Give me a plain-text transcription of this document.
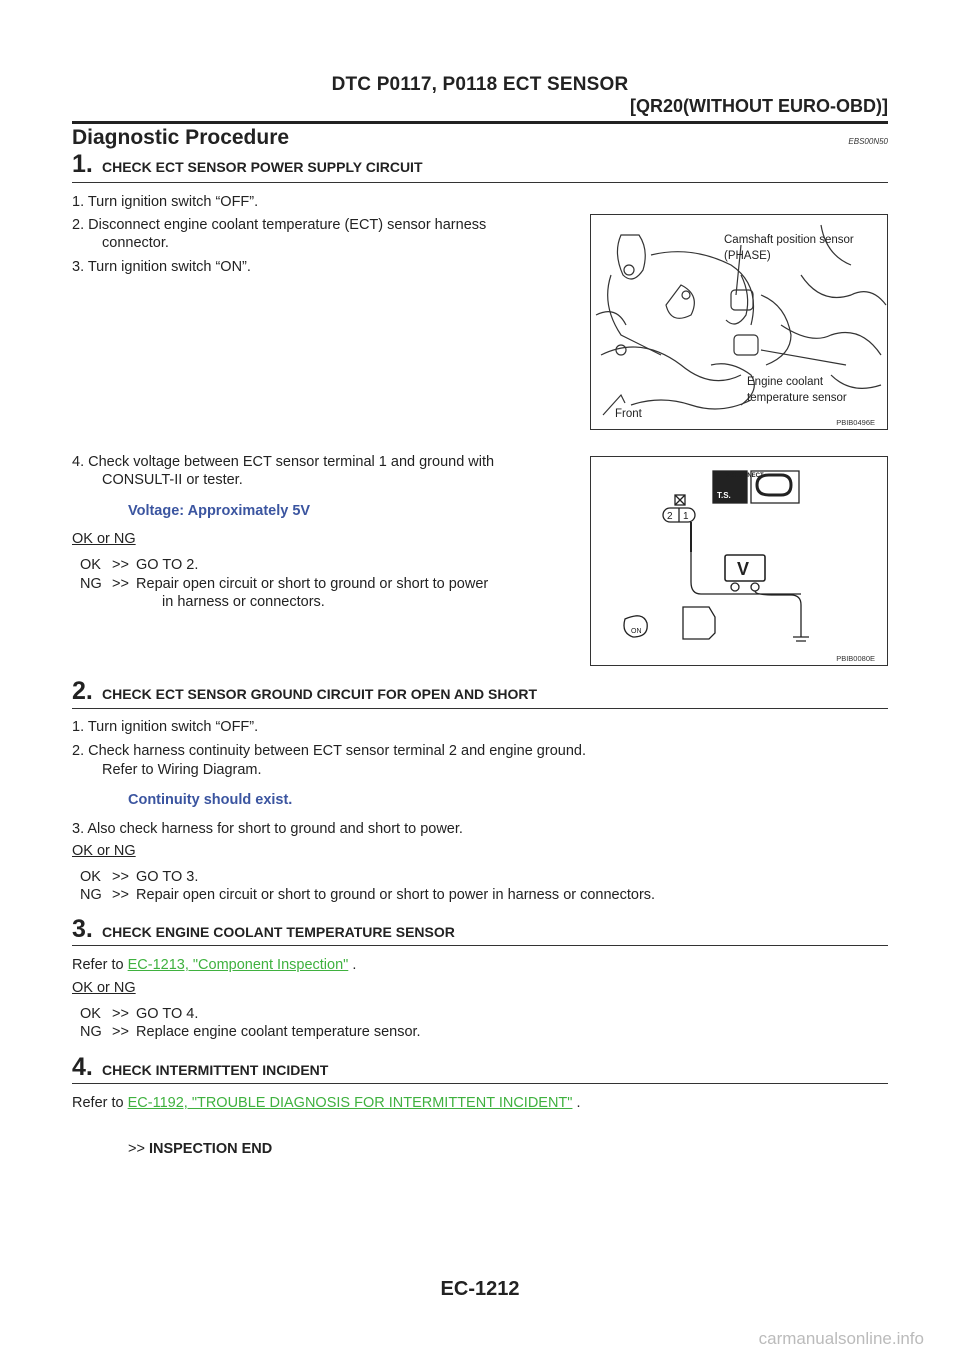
DTC P0117, P0118 ECT SENSOR
[QR20(WITHOUT EURO-OBD)]
Diagnostic Procedure	EBS00N50
1. CHECK ECT SENSOR POWER SUPPLY CIRCUIT
1. Turn ignition switch “OFF”.
2. Disconnect engine coolant temperature (ECT) sensor harness
connector.
3. Turn ignition switch “ON”.
4. Check voltage between ECT sensor terminal 1 and ground with
CONSULT-II or tester.
Voltage: Approximately 5V
OK or NG
OK >> GO TO 2.
NG >> Repair open circuit or short to ground or short to power
in harness or connectors.
Camshaft position sensor
(PHASE)
Engine coolant
temperature sensor
Front
PBIB0496E
DISCONNECT
T.S.
2 1
V
ON
PBIB0080E
2. CHECK ECT SENSOR GROUND CIRCUIT FOR OPEN AND SHORT
1. Turn ignition switch “OFF”.
2. Check harness continuity between ECT sensor terminal 2 and engine ground.
Refer to Wiring Diagram.
Continuity should exist.
3. Also check harness for short to ground and short to power.
OK or NG
OK >> GO TO 3.
NG >> Repair open circuit or short to ground or short to power in harness or connectors.
3. CHECK ENGINE COOLANT TEMPERATURE SENSOR
Refer to EC-1213, "Component Inspection" .
OK or NG
OK >> GO TO 4.
NG >> Replace engine coolant temperature sensor.
4. CHECK INTERMITTENT INCIDENT
Refer to EC-1192, "TROUBLE DIAGNOSIS FOR INTERMITTENT INCIDENT" .
>> INSPECTION END
EC-1212
carmanualsonline.info
